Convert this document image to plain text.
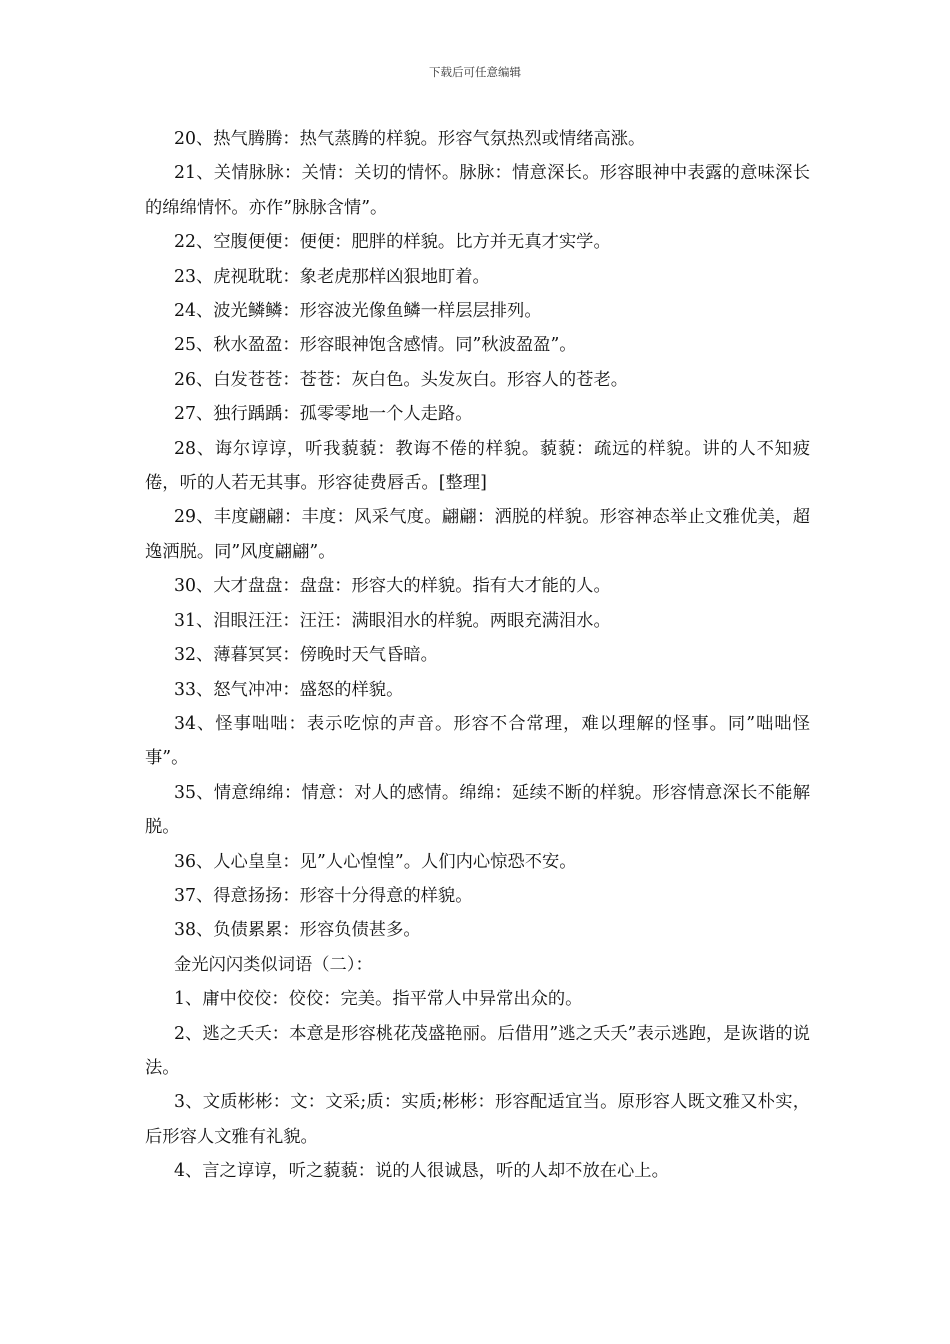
下载后可任意编辑

20、热气腾腾：热气蒸腾的样貌。形容气氛热烈或情绪高涨。

21、关情脉脉：关情：关切的情怀。脉脉：情意深长。形容眼神中表露的意味深长的绵绵情怀。亦作”脉脉含情”。

22、空腹便便：便便：肥胖的样貌。比方并无真才实学。

23、虎视耽耽：象老虎那样凶狠地盯着。

24、波光鳞鳞：形容波光像鱼鳞一样层层排列。

25、秋水盈盈：形容眼神饱含感情。同”秋波盈盈”。

26、白发苍苍：苍苍：灰白色。头发灰白。形容人的苍老。

27、独行踽踽：孤零零地一个人走路。

28、诲尔谆谆，听我藐藐：教诲不倦的样貌。藐藐：疏远的样貌。讲的人不知疲倦，听的人若无其事。形容徒费唇舌。[整理]

29、丰度翩翩：丰度：风采气度。翩翩：洒脱的样貌。形容神态举止文雅优美，超逸洒脱。同”风度翩翩”。

30、大才盘盘：盘盘：形容大的样貌。指有大才能的人。

31、泪眼汪汪：汪汪：满眼泪水的样貌。两眼充满泪水。

32、薄暮冥冥：傍晚时天气昏暗。

33、怒气冲冲：盛怒的样貌。

34、怪事咄咄：表示吃惊的声音。形容不合常理，难以理解的怪事。同”咄咄怪事”。

35、情意绵绵：情意：对人的感情。绵绵：延续不断的样貌。形容情意深长不能解脱。

36、人心皇皇：见”人心惶惶”。人们内心惊恐不安。

37、得意扬扬：形容十分得意的样貌。

38、负债累累：形容负债甚多。

金光闪闪类似词语（二）：

1、庸中佼佼：佼佼：完美。指平常人中异常出众的。

2、逃之夭夭：本意是形容桃花茂盛艳丽。后借用”逃之夭夭”表示逃跑，是诙谐的说法。

3、文质彬彬：文：文采;质：实质;彬彬：形容配适宜当。原形容人既文雅又朴实，后形容人文雅有礼貌。

4、言之谆谆，听之藐藐：说的人很诚恳，听的人却不放在心上。
